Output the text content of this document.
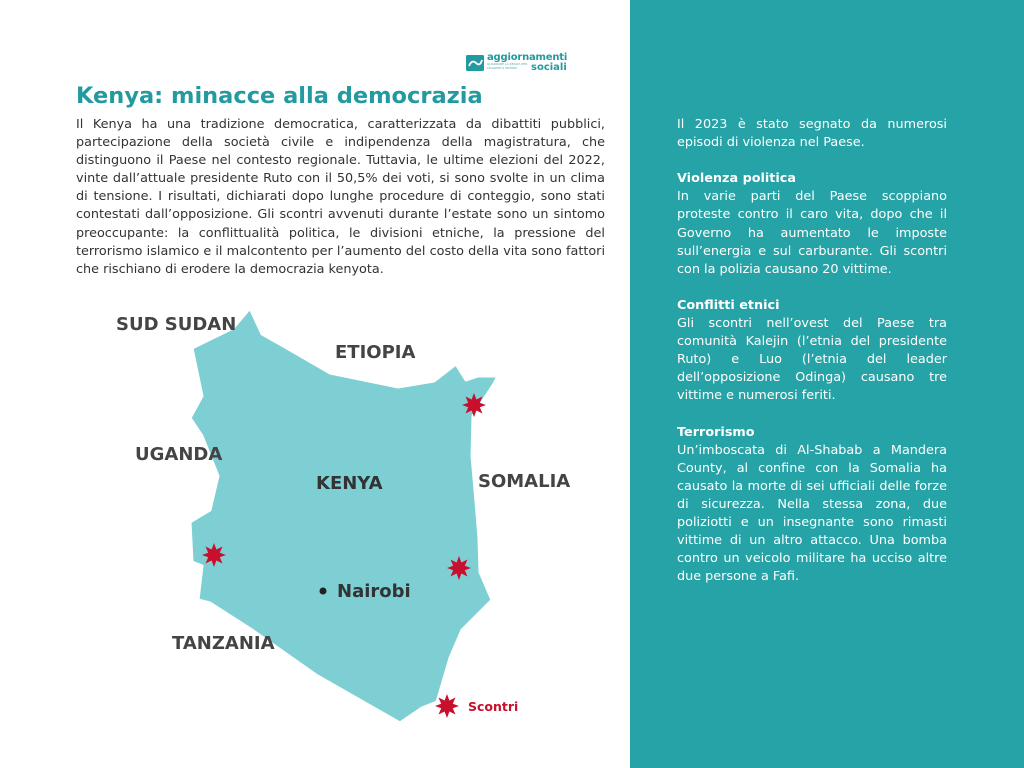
aggiornamenti
GUARDARE LA REALTÀ PER LEGGERE IL MONDO	sociali
Kenya: minacce alla democrazia

Il Kenya ha una tradizione democratica, caratterizzata da dibattiti pubblici, partecipazione della società civile e indipendenza della magistratura, che distinguono il Paese nel contesto regionale. Tuttavia, le ultime elezioni del 2022, vinte dall’attuale presidente Ruto con il 50,5% dei voti, si sono svolte in un clima di tensione. I risultati, dichiarati dopo lunghe procedure di conteggio, sono stati contestati dall’opposizione. Gli scontri avvenuti durante l’estate sono un sintomo preoccupante: la conflittualità politica, le divisioni etniche, la pressione del terrorismo islamico e il malcontento per l’aumento del costo della vita sono fattori che rischiano di erodere la democrazia kenyota.

SUD SUDAN
ETIOPIA
UGANDA
SOMALIA
TANZANIA
KENYA
Nairobi
Scontri

Il 2023 è stato segnato da numerosi episodi di violenza nel Paese.

Violenza politica

In varie parti del Paese scoppiano proteste contro il caro vita, dopo che il Governo ha aumentato le imposte sull’energia e sul carburante. Gli scontri con la polizia causano 20 vittime.

Conflitti etnici

Gli scontri nell’ovest del Paese tra comunità Kalejin (l’etnia del presidente Ruto) e Luo (l’etnia del leader dell’opposizione Odinga) causano tre vittime e numerosi feriti.

Terrorismo

Un’imboscata di Al-Shabab a Mandera County, al confine con la Somalia ha causato la morte di sei ufficiali delle forze di sicurezza. Nella stessa zona, due poliziotti e un insegnante sono rimasti vittime di un altro attacco. Una bomba contro un veicolo militare ha ucciso altre due persone a Fafi.
